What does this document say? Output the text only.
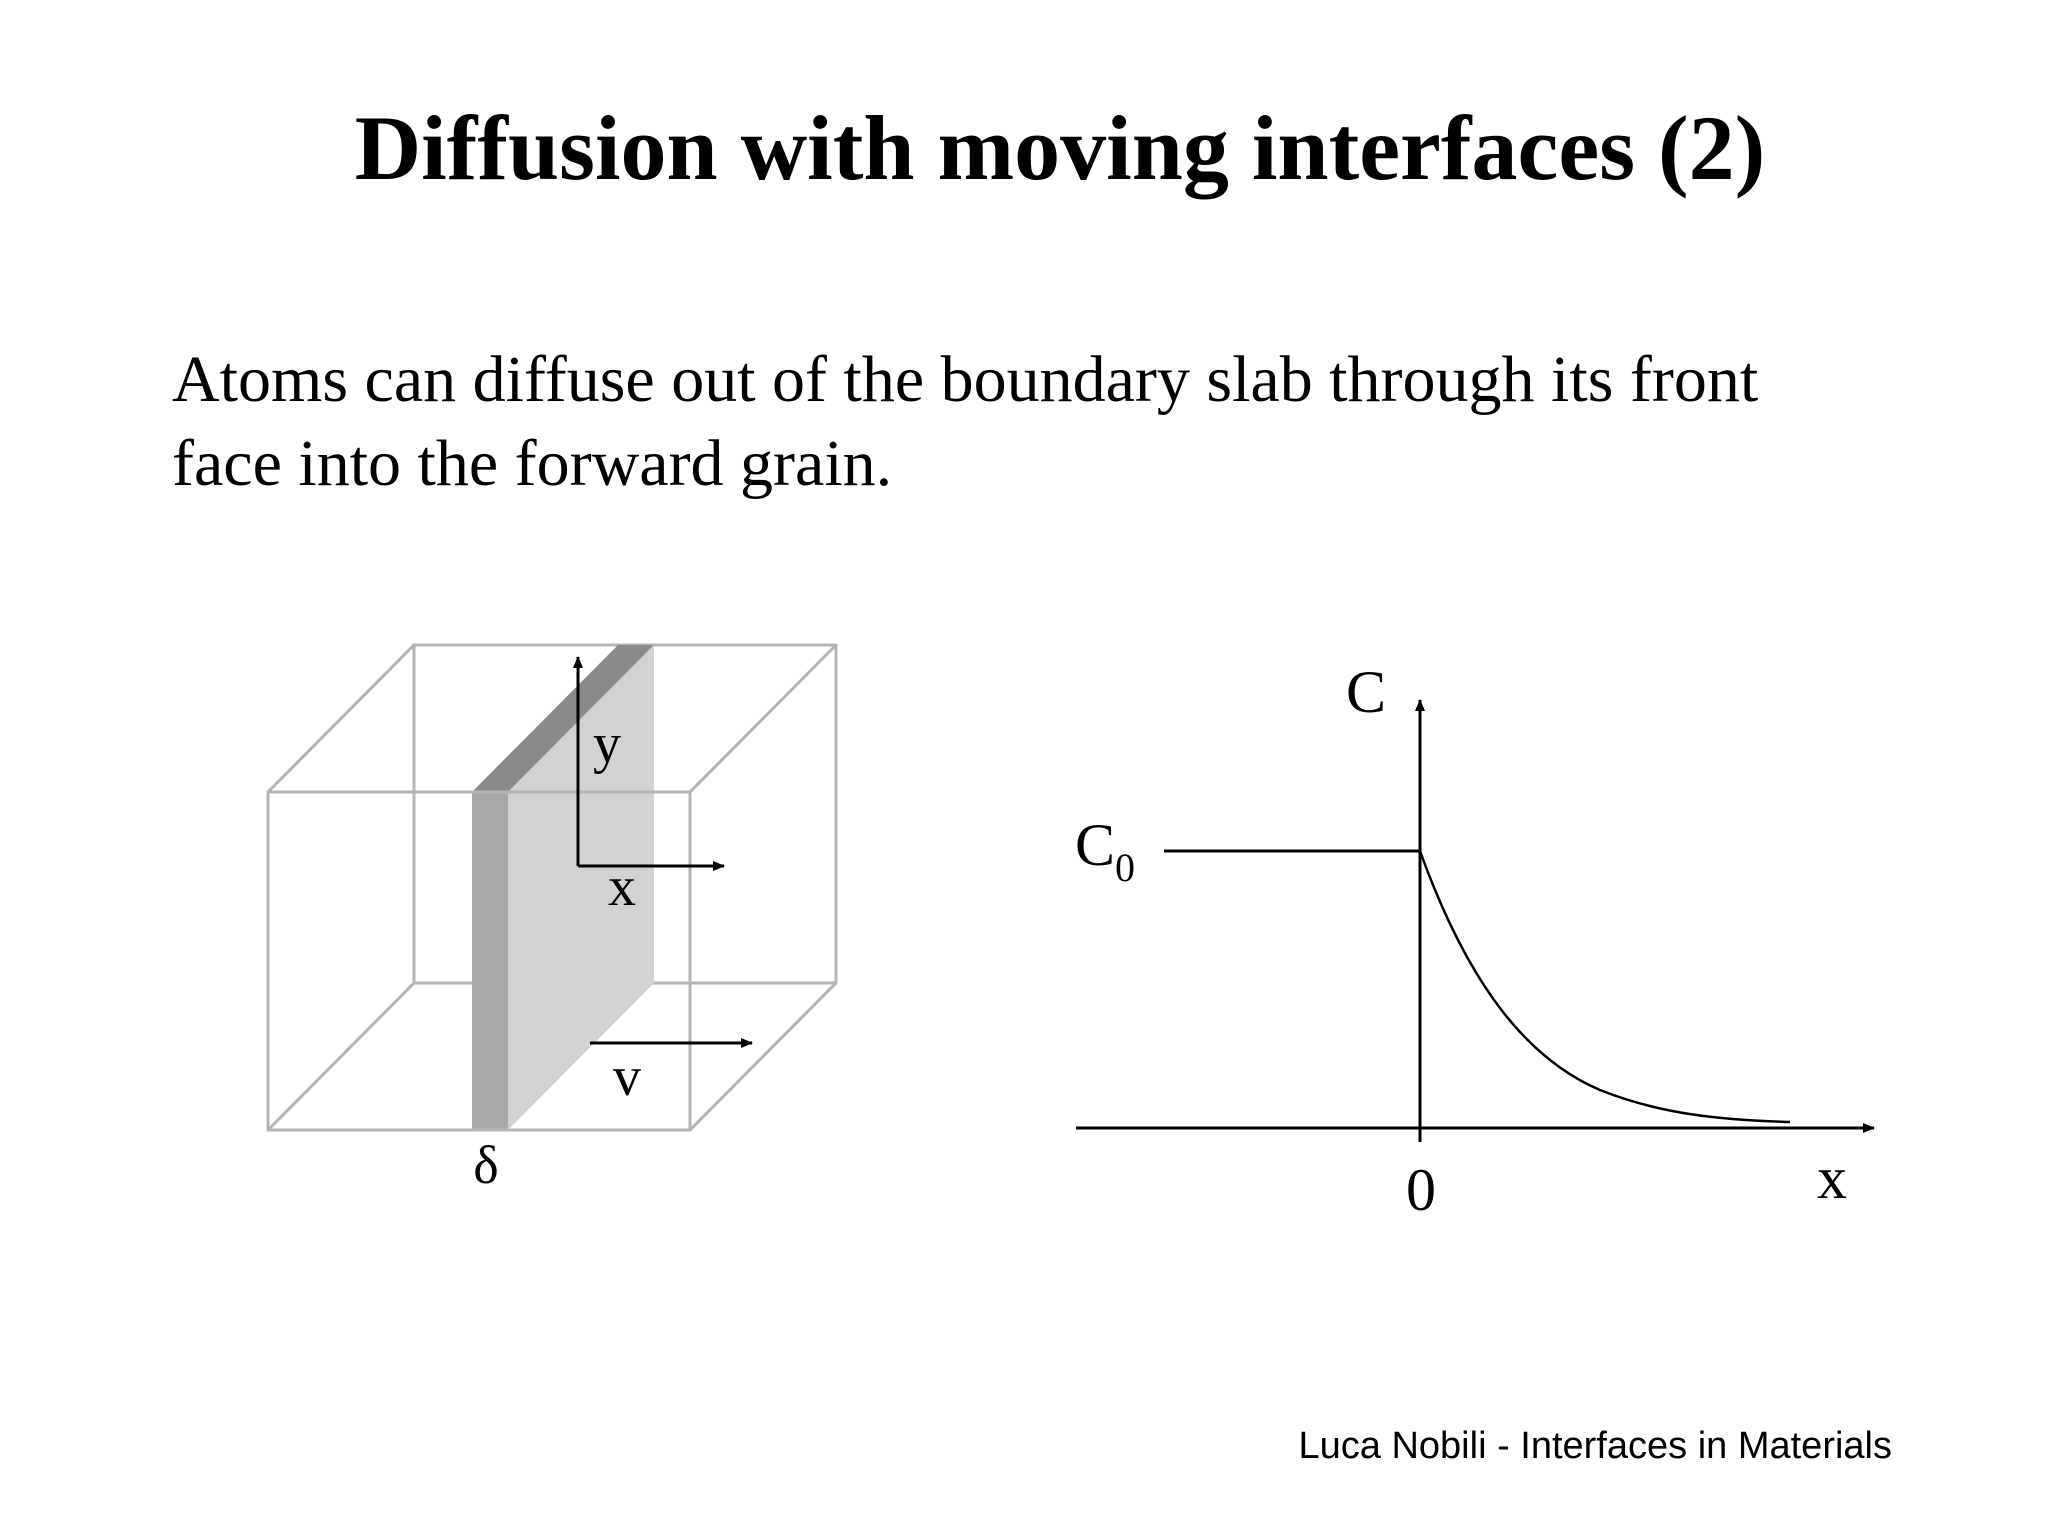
Diffusion with moving interfaces (2)
Atoms can diffuse out of the boundary slab through its front
face into the forward grain.
y
x
v
δ
C
$C_0$
0	x
Luca Nobili - Interfaces in Materials
